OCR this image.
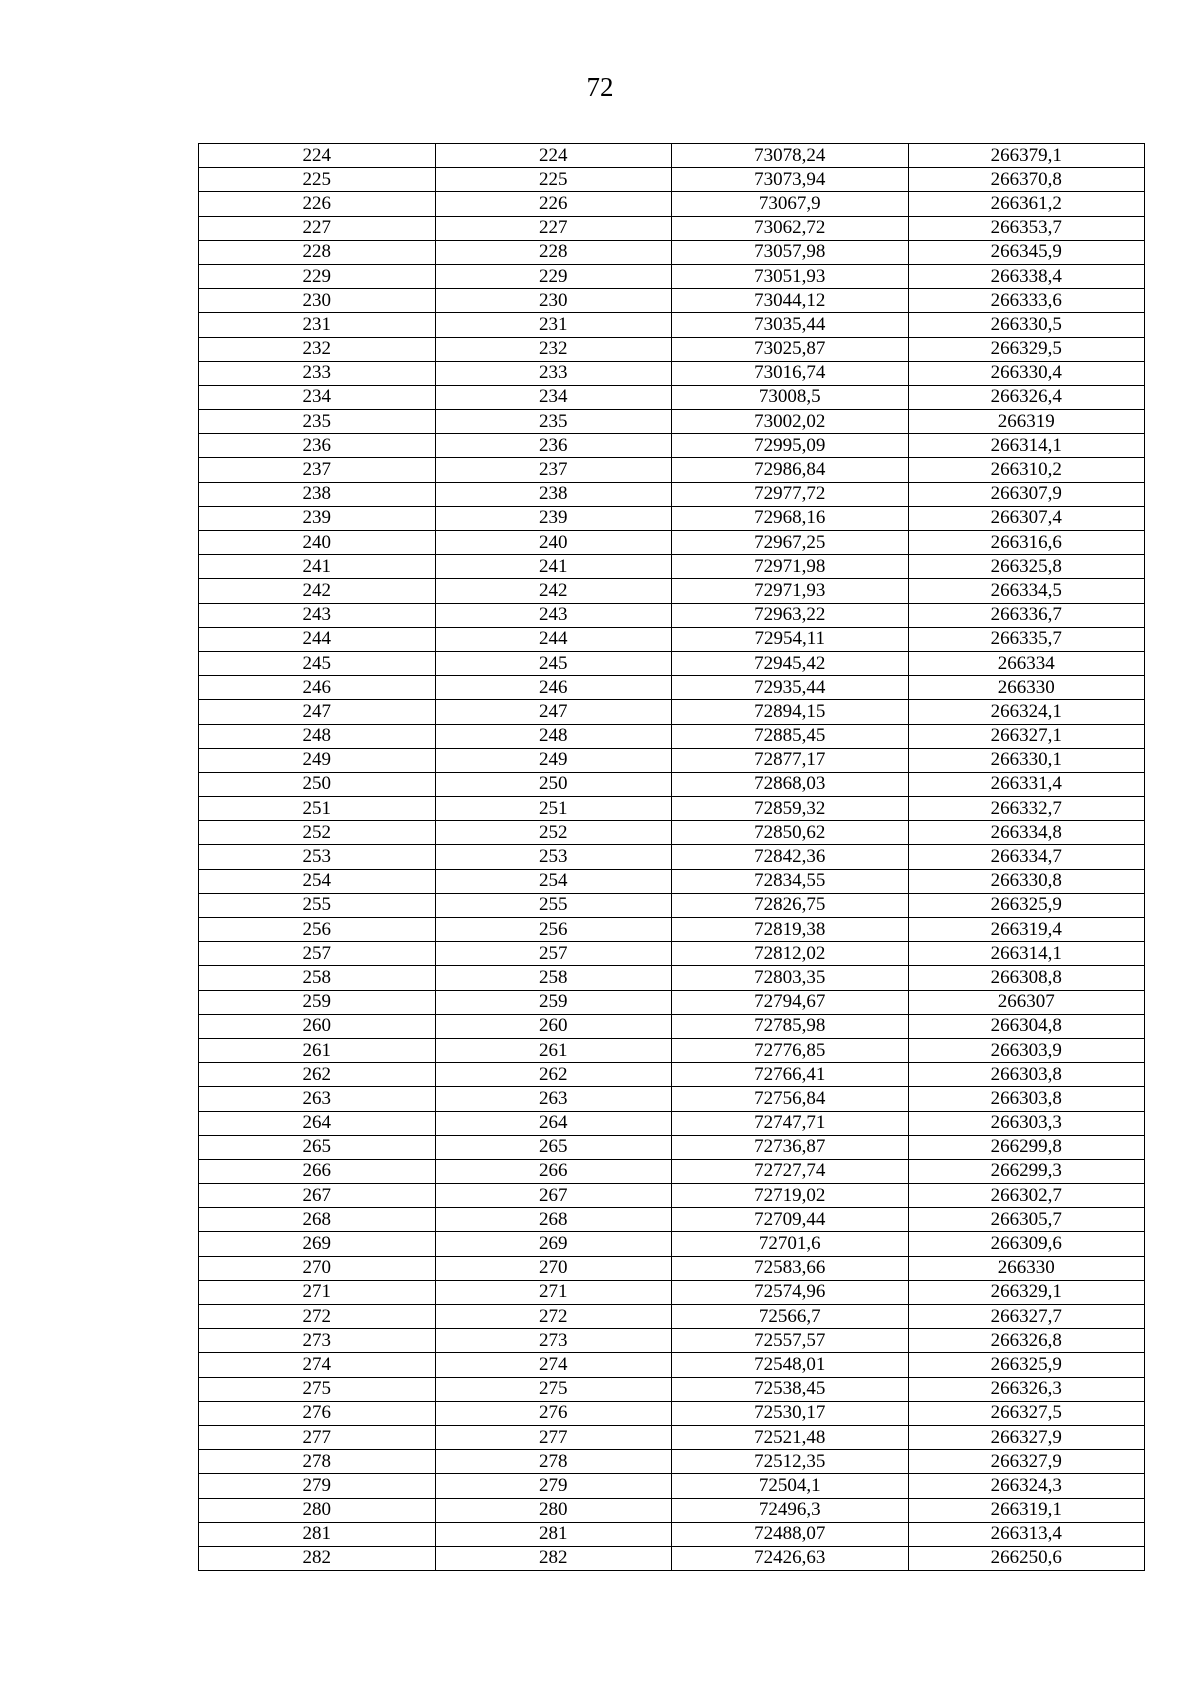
72
224	224	73078,24	266379,1
225	225	73073,94	266370,8
226	226	73067,9	266361,2
227	227	73062,72	266353,7
228	228	73057,98	266345,9
229	229	73051,93	266338,4
230	230	73044,12	266333,6
231	231	73035,44	266330,5
232	232	73025,87	266329,5
233	233	73016,74	266330,4
234	234	73008,5	266326,4
235	235	73002,02	266319
236	236	72995,09	266314,1
237	237	72986,84	266310,2
238	238	72977,72	266307,9
239	239	72968,16	266307,4
240	240	72967,25	266316,6
241	241	72971,98	266325,8
242	242	72971,93	266334,5
243	243	72963,22	266336,7
244	244	72954,11	266335,7
245	245	72945,42	266334
246	246	72935,44	266330
247	247	72894,15	266324,1
248	248	72885,45	266327,1
249	249	72877,17	266330,1
250	250	72868,03	266331,4
251	251	72859,32	266332,7
252	252	72850,62	266334,8
253	253	72842,36	266334,7
254	254	72834,55	266330,8
255	255	72826,75	266325,9
256	256	72819,38	266319,4
257	257	72812,02	266314,1
258	258	72803,35	266308,8
259	259	72794,67	266307
260	260	72785,98	266304,8
261	261	72776,85	266303,9
262	262	72766,41	266303,8
263	263	72756,84	266303,8
264	264	72747,71	266303,3
265	265	72736,87	266299,8
266	266	72727,74	266299,3
267	267	72719,02	266302,7
268	268	72709,44	266305,7
269	269	72701,6	266309,6
270	270	72583,66	266330
271	271	72574,96	266329,1
272	272	72566,7	266327,7
273	273	72557,57	266326,8
274	274	72548,01	266325,9
275	275	72538,45	266326,3
276	276	72530,17	266327,5
277	277	72521,48	266327,9
278	278	72512,35	266327,9
279	279	72504,1	266324,3
280	280	72496,3	266319,1
281	281	72488,07	266313,4
282	282	72426,63	266250,6
